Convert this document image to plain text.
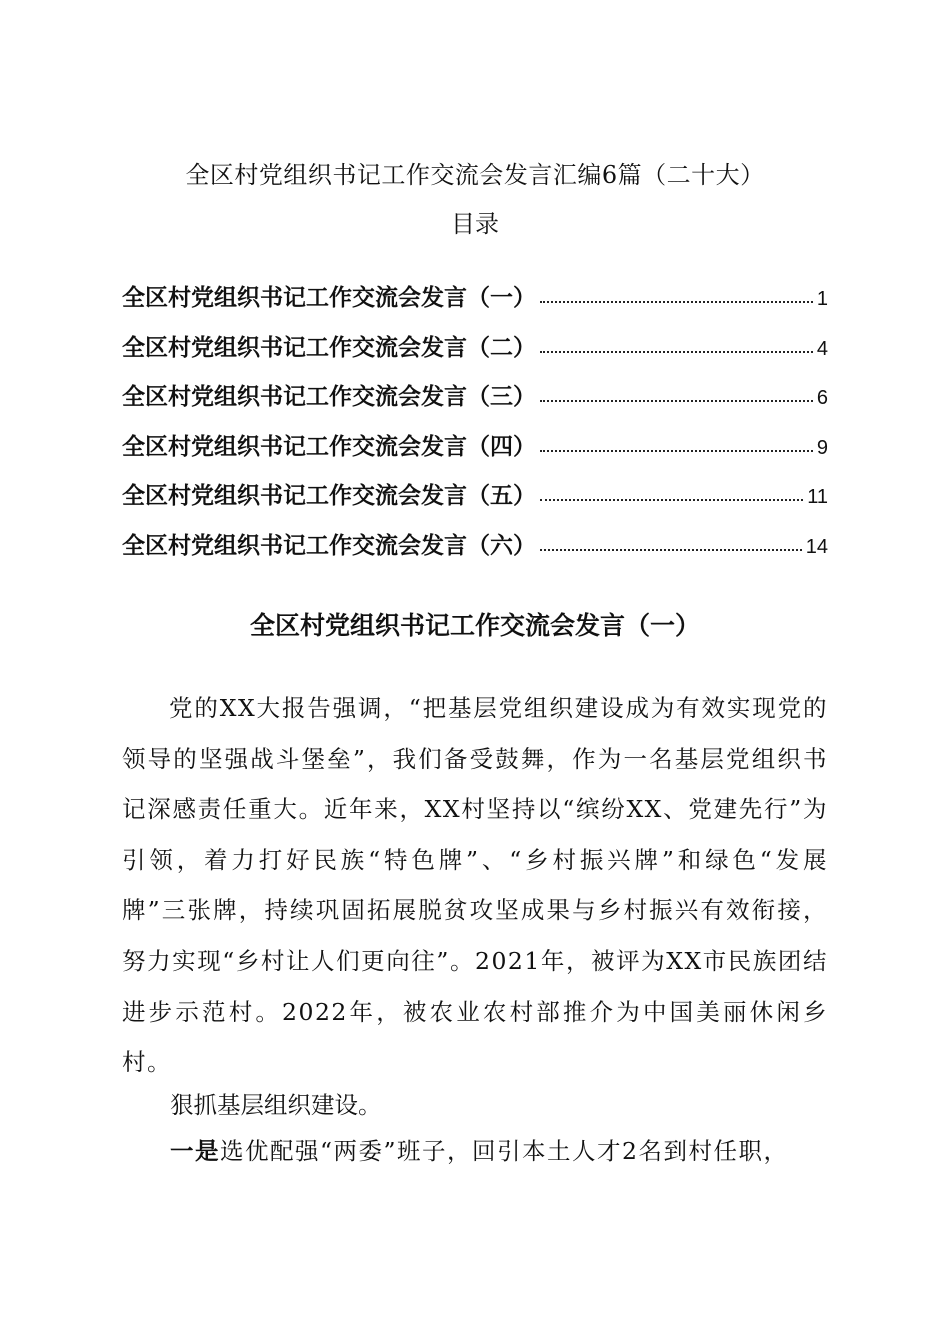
全区村党组织书记工作交流会发言汇编6篇（二十大）
目录
全区村党组织书记工作交流会发言（一）	1
全区村党组织书记工作交流会发言（二）	4
全区村党组织书记工作交流会发言（三）	6
全区村党组织书记工作交流会发言（四）	9
全区村党组织书记工作交流会发言（五）	11
全区村党组织书记工作交流会发言（六）	14
全区村党组织书记工作交流会发言（一）

党的XX大报告强调，“把基层党组织建设成为有效实现党的领导的坚强战斗堡垒”，我们备受鼓舞，作为一名基层党组织书记深感责任重大。近年来，XX村坚持以“缤纷XX、党建先行”为引领，着力打好民族“特色牌”、“乡村振兴牌”和绿色“发展牌”三张牌，持续巩固拓展脱贫攻坚成果与乡村振兴有效衔接，努力实现“乡村让人们更向往”。2021年，被评为XX市民族团结进步示范村。2022年，被农业农村部推介为中国美丽休闲乡村。

狠抓基层组织建设。

一是选优配强“两委”班子，回引本土人才2名到村任职，
